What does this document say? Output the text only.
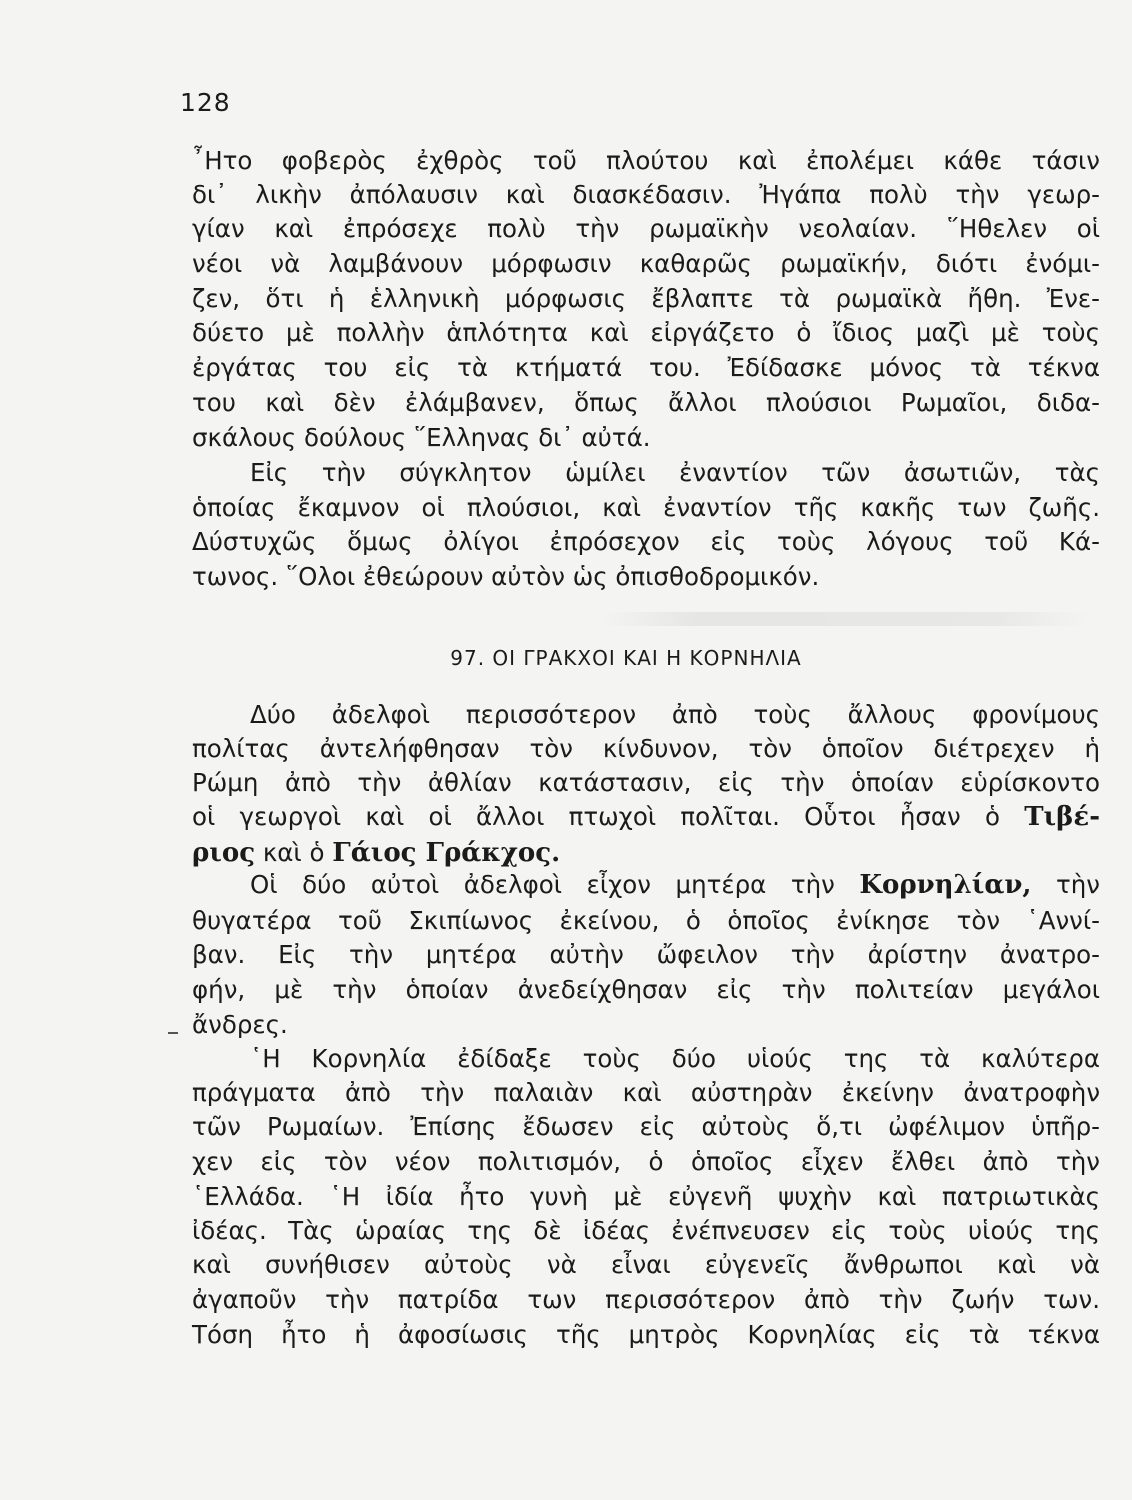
128
῏Ητο φοβερὸς ἐχθρὸς τοῦ πλούτου καὶ ἐπολέμει κάθε τάσιν
δι᾿ λικὴν ἀπόλαυσιν καὶ διασκέδασιν. Ἠγάπα πολὺ τὴν γεωρ-
γίαν καὶ ἐπρόσεχε πολὺ τὴν ρωμαϊκὴν νεολαίαν. ῞Ηθελεν οἱ
νέοι νὰ λαμβάνουν μόρφωσιν καθαρῶς ρωμαϊκήν, διότι ἐνόμι-
ζεν, ὅτι ἡ ἑλληνικὴ μόρφωσις ἔβλαπτε τὰ ρωμαϊκὰ ἤθη. Ἐνε-
δύετο μὲ πολλὴν ἁπλότητα καὶ εἰργάζετο ὁ ἴδιος μαζὶ μὲ τοὺς
ἐργάτας του εἰς τὰ κτήματά του. Ἐδίδασκε μόνος τὰ τέκνα
του καὶ δὲν ἐλάμβανεν, ὅπως ἄλλοι πλούσιοι Ρωμαῖοι, διδα-
σκάλους δούλους ῞Ελληνας δι᾿ αὐτά.
Εἰς τὴν σύγκλητον ὡμίλει ἐναντίον τῶν ἀσωτιῶν, τὰς
ὁποίας ἔκαμνον οἱ πλούσιοι, καὶ ἐναντίον τῆς κακῆς των ζωῆς.
Δύστυχῶς ὅμως ὀλίγοι ἐπρόσεχον εἰς τοὺς λόγους τοῦ Κά-
τωνος. ῞Ολοι ἐθεώρουν αὐτὸν ὡς ὀπισθοδρομικόν.
97. ΟΙ ΓΡΑΚΧΟΙ ΚΑΙ Η ΚΟΡΝΗΛΙΑ
Δύο ἀδελφοὶ περισσότερον ἀπὸ τοὺς ἄλλους φρονίμους
πολίτας ἀντελήφθησαν τὸν κίνδυνον, τὸν ὁποῖον διέτρεχεν ἡ
Ρώμη ἀπὸ τὴν ἀθλίαν κατάστασιν, εἰς τὴν ὁποίαν εὑρίσκοντο
οἱ γεωργοὶ καὶ οἱ ἄλλοι πτωχοὶ πολῖται. Οὗτοι ἦσαν ὁ Τιβέ-
ριος καὶ ὁ Γάιος Γράκχος.
Οἱ δύο αὐτοὶ ἀδελφοὶ εἶχον μητέρα τὴν Κορνηλίαν, τὴν
θυγατέρα τοῦ Σκιπίωνος ἐκείνου, ὁ ὁποῖος ἐνίκησε τὸν ῾Αννί-
βαν. Εἰς τὴν μητέρα αὐτὴν ὤφειλον τὴν ἀρίστην ἀνατρο-
φήν, μὲ τὴν ὁποίαν ἀνεδείχθησαν εἰς τὴν πολιτείαν μεγάλοι
ἄνδρες.
῾Η Κορνηλία ἐδίδαξε τοὺς δύο υἱούς της τὰ καλύτερα
πράγματα ἀπὸ τὴν παλαιὰν καὶ αὐστηρὰν ἐκείνην ἀνατροφὴν
τῶν Ρωμαίων. Ἐπίσης ἔδωσεν εἰς αὐτοὺς ὅ,τι ὠφέλιμον ὑπῆρ-
χεν εἰς τὸν νέον πολιτισμόν, ὁ ὁποῖος εἶχεν ἔλθει ἀπὸ τὴν
῾Ελλάδα. ῾Η ἰδία ἦτο γυνὴ μὲ εὐγενῆ ψυχὴν καὶ πατριωτικὰς
ἰδέας. Τὰς ὡραίας της δὲ ἰδέας ἐνέπνευσεν εἰς τοὺς υἱούς της
καὶ συνήθισεν αὐτοὺς νὰ εἶναι εὐγενεῖς ἄνθρωποι καὶ νὰ
ἀγαποῦν τὴν πατρίδα των περισσότερον ἀπὸ τὴν ζωήν των.
Τόση ἦτο ἡ ἀφοσίωσις τῆς μητρὸς Κορνηλίας εἰς τὰ τέκνα
